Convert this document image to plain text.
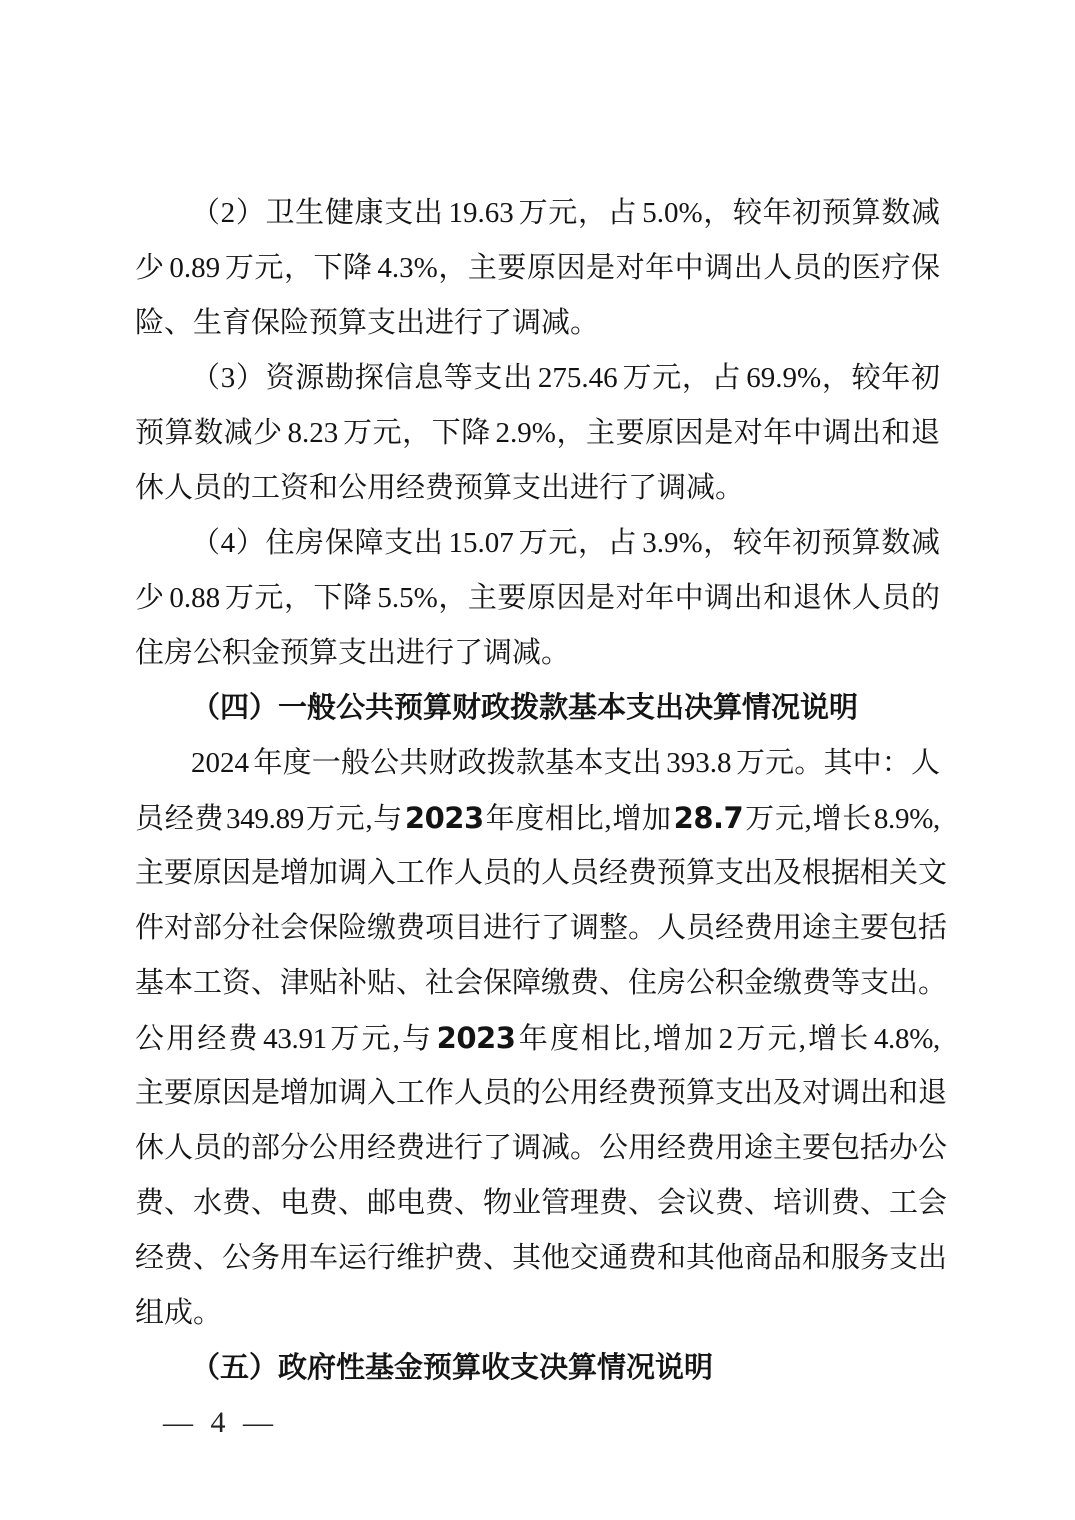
（2）卫生健康支出 19.63 万元，占 5.0%，较年初预算数减
少 0.89 万元，下降 4.3%，主要原因是对年中调出人员的医疗保
险、生育保险预算支出进行了调减。
（3）资源勘探信息等支出 275.46 万元，占 69.9%，较年初
预算数减少 8.23 万元，下降 2.9%，主要原因是对年中调出和退
休人员的工资和公用经费预算支出进行了调减。
（4）住房保障支出 15.07 万元，占 3.9%，较年初预算数减
少 0.88 万元，下降 5.5%，主要原因是对年中调出和退休人员的
住房公积金预算支出进行了调减。
（四）一般公共预算财政拨款基本支出决算情况说明
2024 年度一般公共财政拨款基本支出 393.8 万元。其中：人
员经费 349.89 万元,与 2023 年度相比,增加 28.7 万元,增长 8.9%,
主要原因是增加调入工作人员的人员经费预算支出及根据相关文
件对部分社会保险缴费项目进行了调整。人员经费用途主要包括
基本工资、津贴补贴、社会保障缴费、住房公积金缴费等支出。
公用经费 43.91 万元,与 2023 年度相比,增加 2 万元,增长 4.8%,
主要原因是增加调入工作人员的公用经费预算支出及对调出和退
休人员的部分公用经费进行了调减。公用经费用途主要包括办公
费、水费、电费、邮电费、物业管理费、会议费、培训费、工会
经费、公务用车运行维护费、其他交通费和其他商品和服务支出
组成。
（五）政府性基金预算收支决算情况说明
— 4 —
